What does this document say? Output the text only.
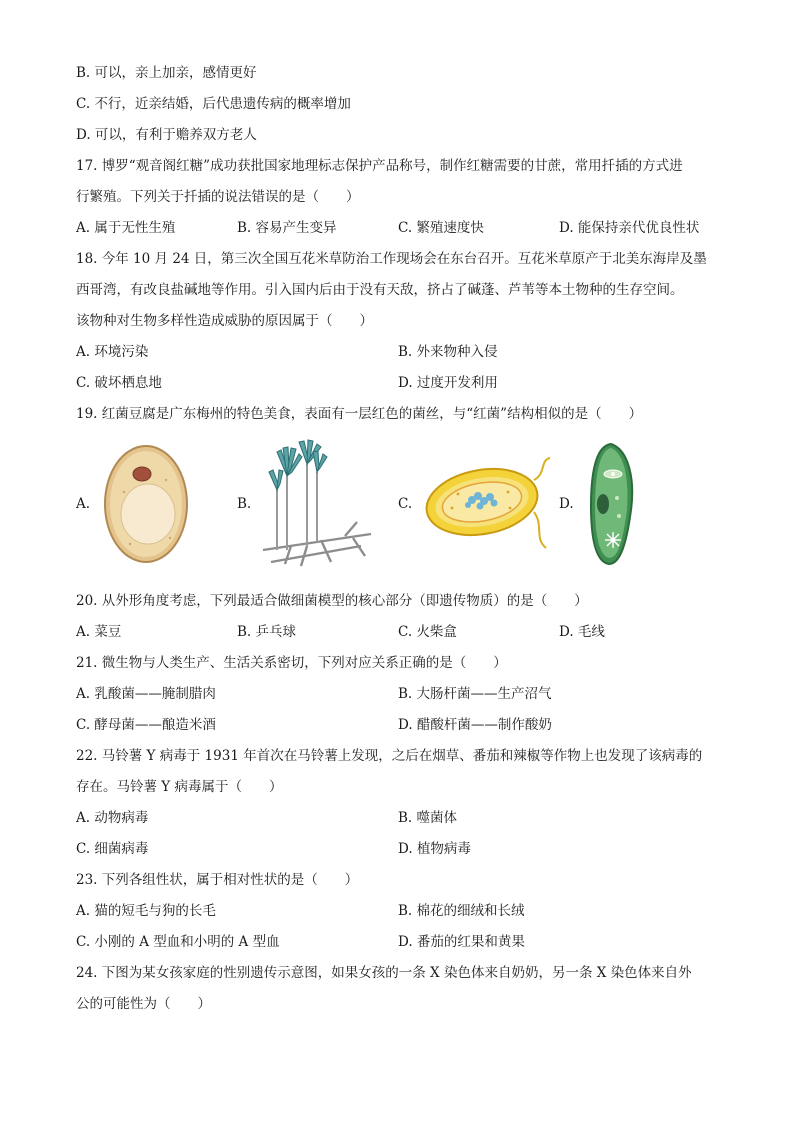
B. 可以，亲上加亲，感情更好
C. 不行，近亲结婚，后代患遗传病的概率增加
D. 可以，有利于赡养双方老人
17. 博罗“观音阁红糖”成功获批国家地理标志保护产品称号，制作红糖需要的甘蔗，常用扦插的方式进
行繁殖。下列关于扦插的说法错误的是（　　）
A. 属于无性生殖	B. 容易产生变异	C. 繁殖速度快	D. 能保持亲代优良性状
18. 今年 10 月 24 日，第三次全国互花米草防治工作现场会在东台召开。互花米草原产于北美东海岸及墨
西哥湾，有改良盐碱地等作用。引入国内后由于没有天敌，挤占了碱蓬、芦苇等本土物种的生存空间。
该物种对生物多样性造成威胁的原因属于（　　）
A. 环境污染	B. 外来物种入侵
C. 破坏栖息地	D. 过度开发利用
19. 红菌豆腐是广东梅州的特色美食，表面有一层红色的菌丝，与“红菌”结构相似的是（　　）
A.	B.	C.	D.
20. 从外形角度考虑，下列最适合做细菌模型的核心部分（即遗传物质）的是（　　）
A. 菜豆	B. 乒乓球	C. 火柴盒	D. 毛线
21. 微生物与人类生产、生活关系密切，下列对应关系正确的是（　　）
A. 乳酸菌——腌制腊肉	B. 大肠杆菌——生产沼气
C. 酵母菌——酿造米酒	D. 醋酸杆菌——制作酸奶
22. 马铃薯 Y 病毒于 1931 年首次在马铃薯上发现，之后在烟草、番茄和辣椒等作物上也发现了该病毒的
存在。马铃薯 Y 病毒属于（　　）
A. 动物病毒	B. 噬菌体
C. 细菌病毒	D. 植物病毒
23. 下列各组性状，属于相对性状的是（　　）
A. 猫的短毛与狗的长毛	B. 棉花的细绒和长绒
C. 小刚的 A 型血和小明的 A 型血	D. 番茄的红果和黄果
24. 下图为某女孩家庭的性别遗传示意图，如果女孩的一条 X 染色体来自奶奶，另一条 X 染色体来自外
公的可能性为（　　）
